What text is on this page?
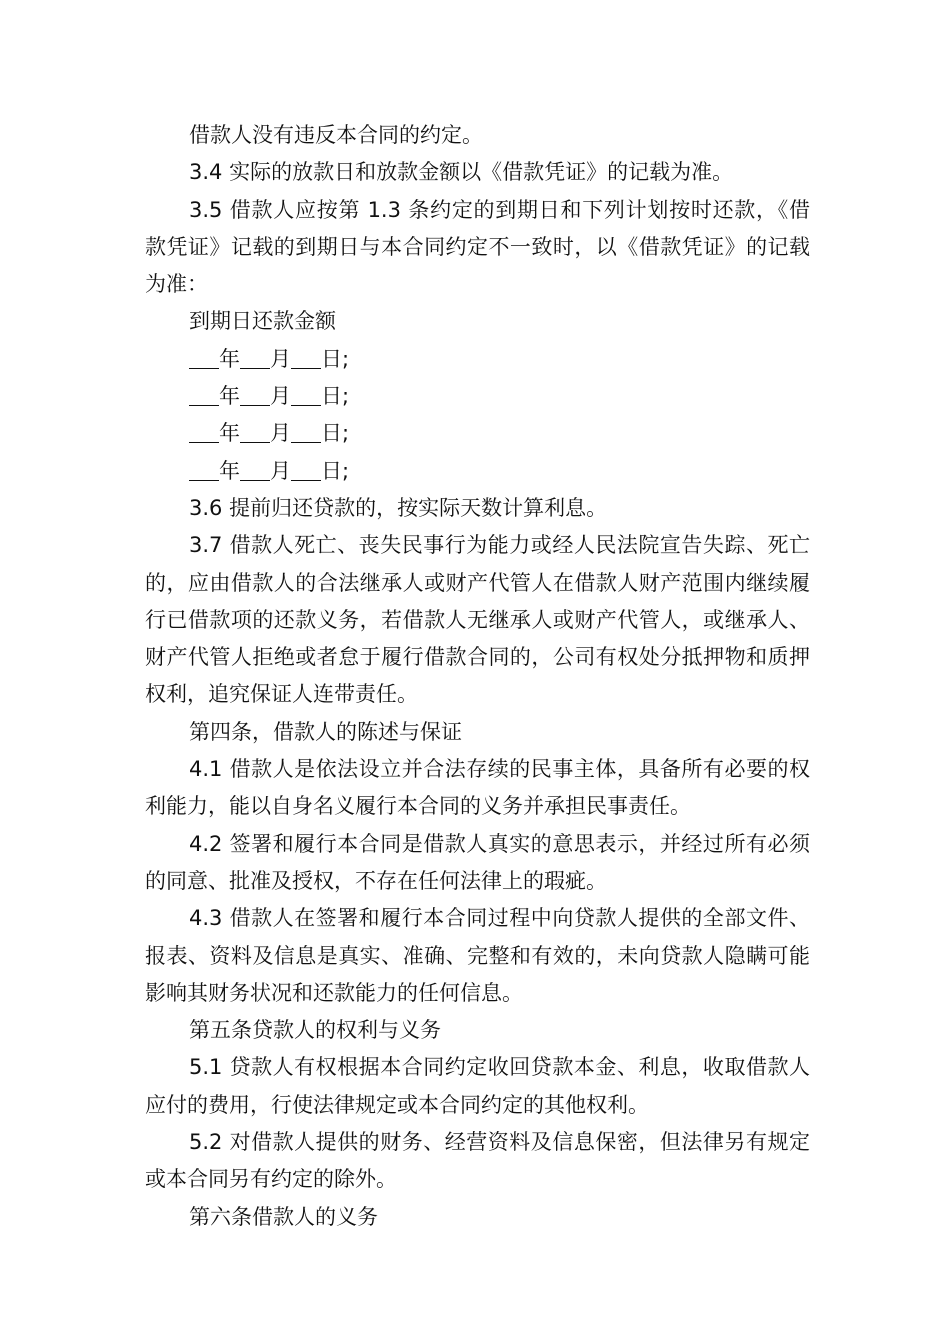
借款人没有违反本合同的约定。

3.4 实际的放款日和放款金额以《借款凭证》的记载为准。

3.5 借款人应按第 1.3 条约定的到期日和下列计划按时还款，《借款凭证》记载的到期日与本合同约定不一致时，以《借款凭证》的记载为准：

到期日还款金额

年 月 日;

年 月 日;

年 月 日;

年 月 日;

3.6 提前归还贷款的，按实际天数计算利息。

3.7 借款人死亡、丧失民事行为能力或经人民法院宣告失踪、死亡的，应由借款人的合法继承人或财产代管人在借款人财产范围内继续履行已借款项的还款义务，若借款人无继承人或财产代管人，或继承人、财产代管人拒绝或者怠于履行借款合同的，公司有权处分抵押物和质押权利，追究保证人连带责任。

第四条，借款人的陈述与保证

4.1 借款人是依法设立并合法存续的民事主体，具备所有必要的权利能力，能以自身名义履行本合同的义务并承担民事责任。

4.2 签署和履行本合同是借款人真实的意思表示，并经过所有必须的同意、批准及授权，不存在任何法律上的瑕疵。

4.3 借款人在签署和履行本合同过程中向贷款人提供的全部文件、报表、资料及信息是真实、准确、完整和有效的，未向贷款人隐瞒可能影响其财务状况和还款能力的任何信息。

第五条贷款人的权利与义务

5.1 贷款人有权根据本合同约定收回贷款本金、利息，收取借款人应付的费用，行使法律规定或本合同约定的其他权利。

5.2 对借款人提供的财务、经营资料及信息保密，但法律另有规定或本合同另有约定的除外。

第六条借款人的义务
